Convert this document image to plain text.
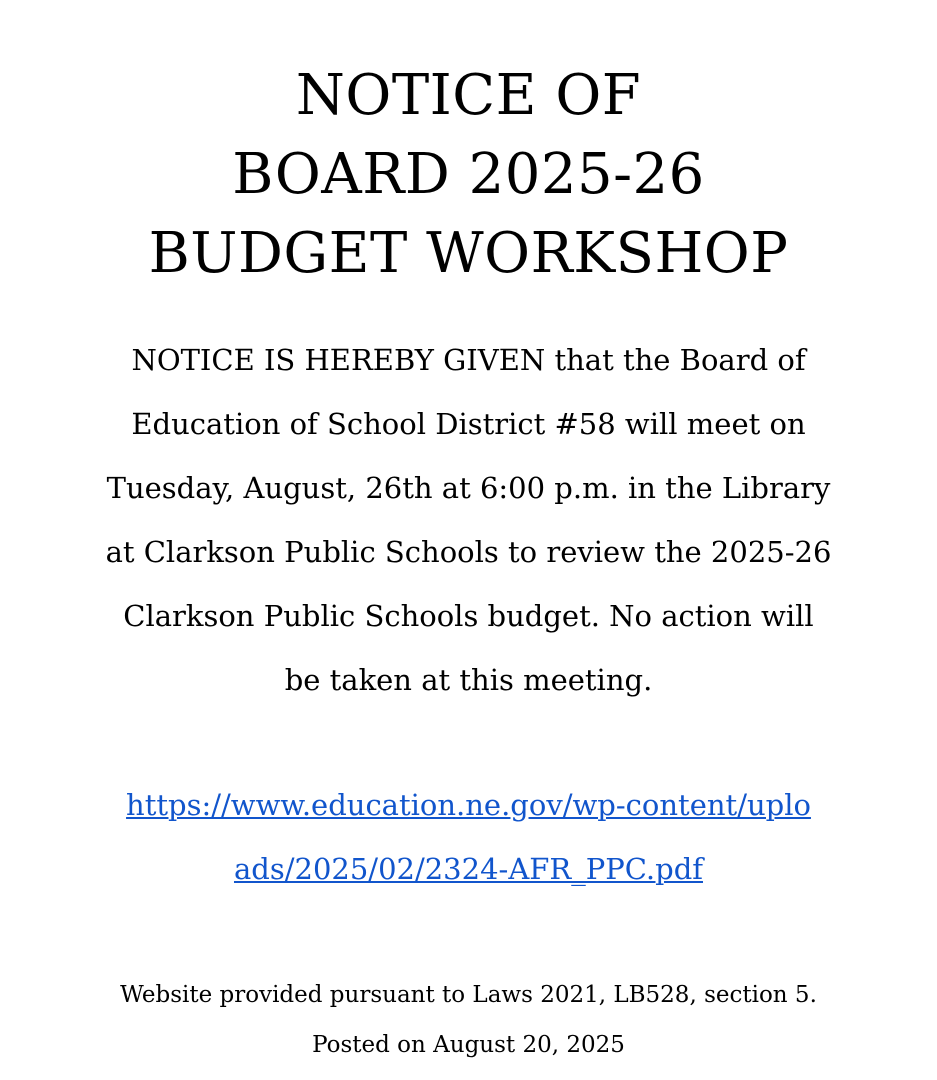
NOTICE OF
BOARD 2025-26
BUDGET WORKSHOP
NOTICE IS HEREBY GIVEN that the Board of
Education of School District #58 will meet on
Tuesday, August, 26th at 6:00 p.m. in the Library
at Clarkson Public Schools to review the 2025-26
Clarkson Public Schools budget. No action will
be taken at this meeting.
https://www.education.ne.gov/wp-content/uplo
ads/2025/02/2324-AFR_PPC.pdf
Website provided pursuant to Laws 2021, LB528, section 5.
Posted on August 20, 2025
